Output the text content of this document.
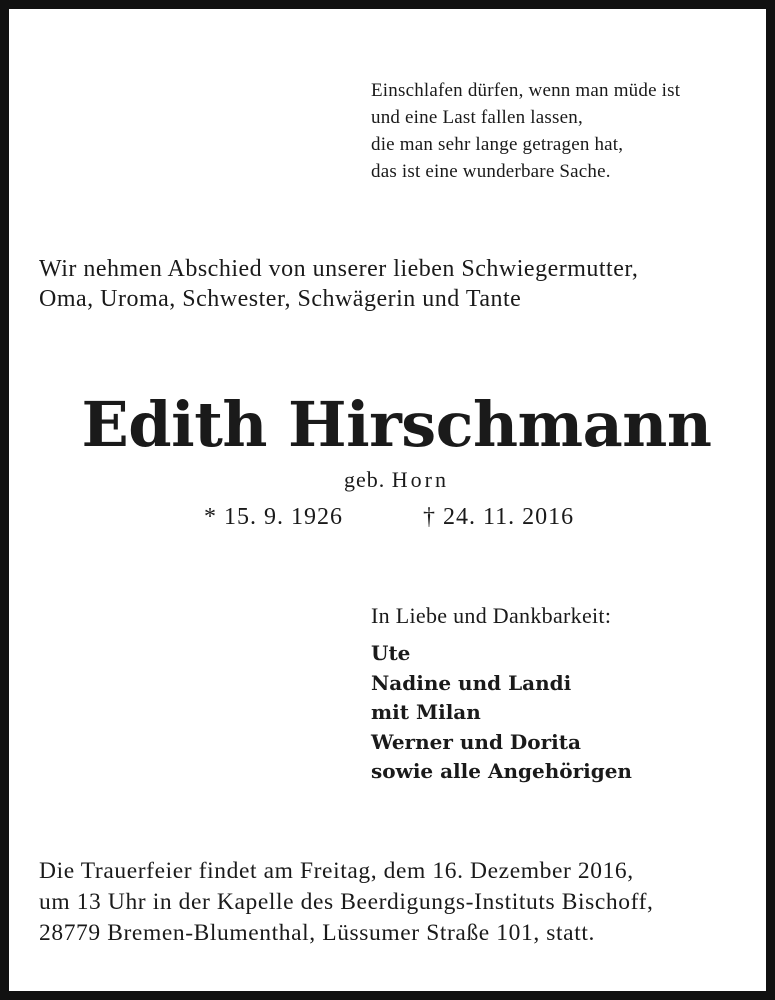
Einschlafen dürfen, wenn man müde ist
und eine Last fallen lassen,
die man sehr lange getragen hat,
das ist eine wunderbare Sache.
Wir nehmen Abschied von unserer lieben Schwiegermutter,
Oma, Uroma, Schwester, Schwägerin und Tante
Edith Hirschmann
geb. Horn
* 15. 9. 1926	† 24. 11. 2016
In Liebe und Dankbarkeit:
Ute
Nadine und Landi
mit Milan
Werner und Dorita
sowie alle Angehörigen
Die Trauerfeier findet am Freitag, dem 16. Dezember 2016,
um 13 Uhr in der Kapelle des Beerdigungs-Instituts Bischoff,
28779 Bremen-Blumenthal, Lüssumer Straße 101, statt.
